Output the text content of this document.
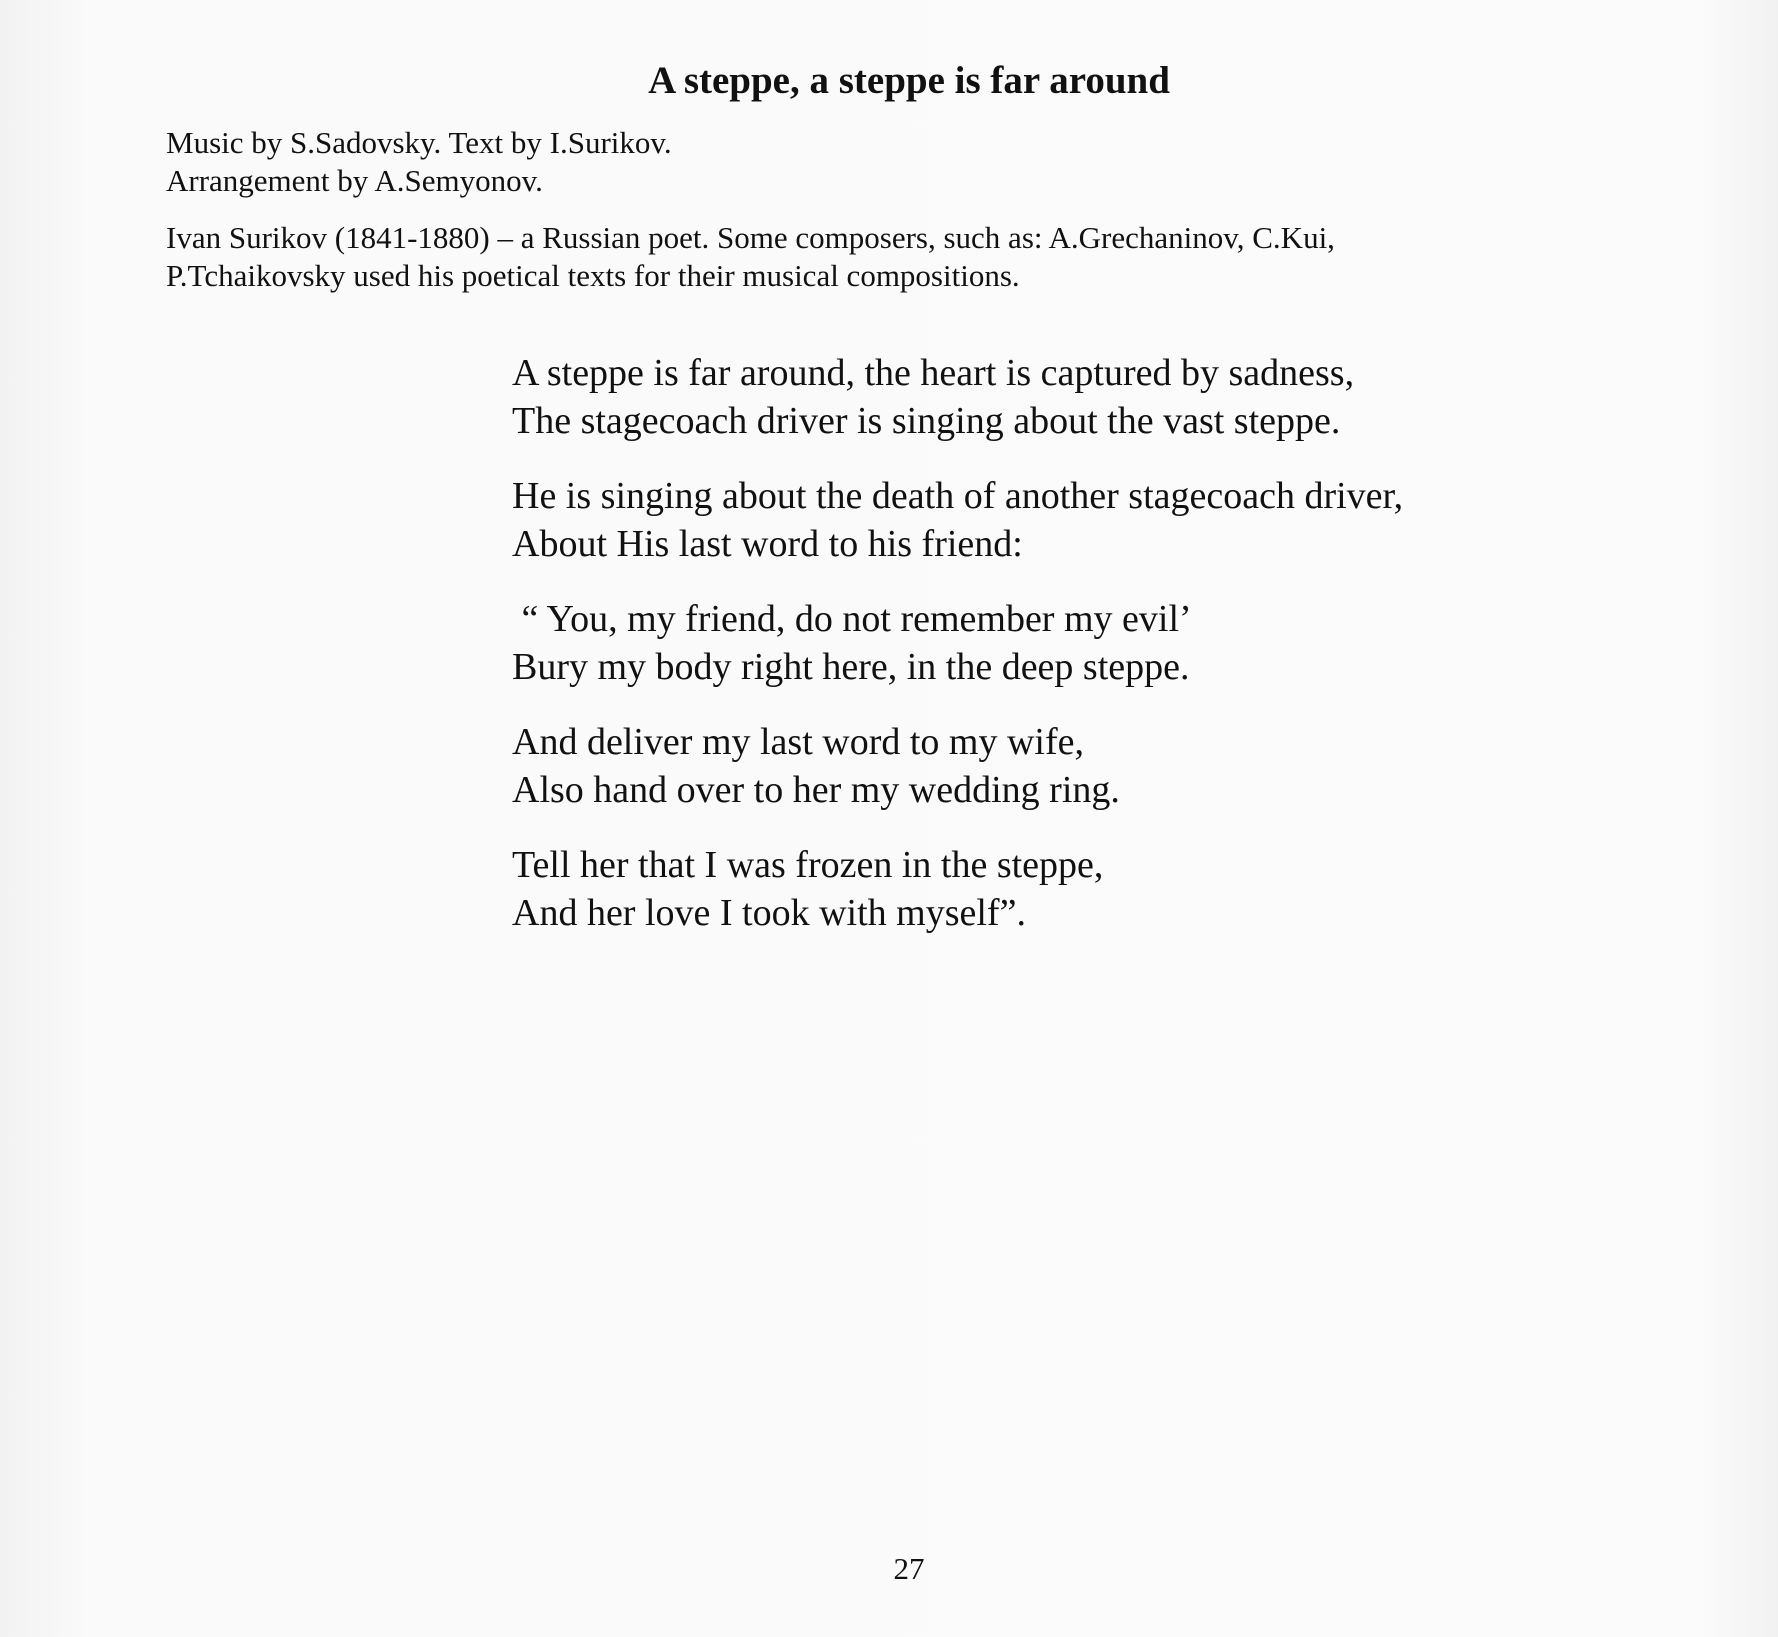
A steppe, a steppe is far around
Music by S.Sadovsky. Text by I.Surikov.
Arrangement by A.Semyonov.
Ivan Surikov (1841-1880) – a Russian poet. Some composers, such as: A.Grechaninov, C.Kui,
P.Tchaikovsky used his poetical texts for their musical compositions.
A steppe is far around, the heart is captured by sadness,
The stagecoach driver is singing about the vast steppe.
He is singing about the death of another stagecoach driver,
About His last word to his friend:
“ You, my friend, do not remember my evil’
Bury my body right here, in the deep steppe.
And deliver my last word to my wife,
Also hand over to her my wedding ring.
Tell her that I was frozen in the steppe,
And her love I took with myself”.
27
